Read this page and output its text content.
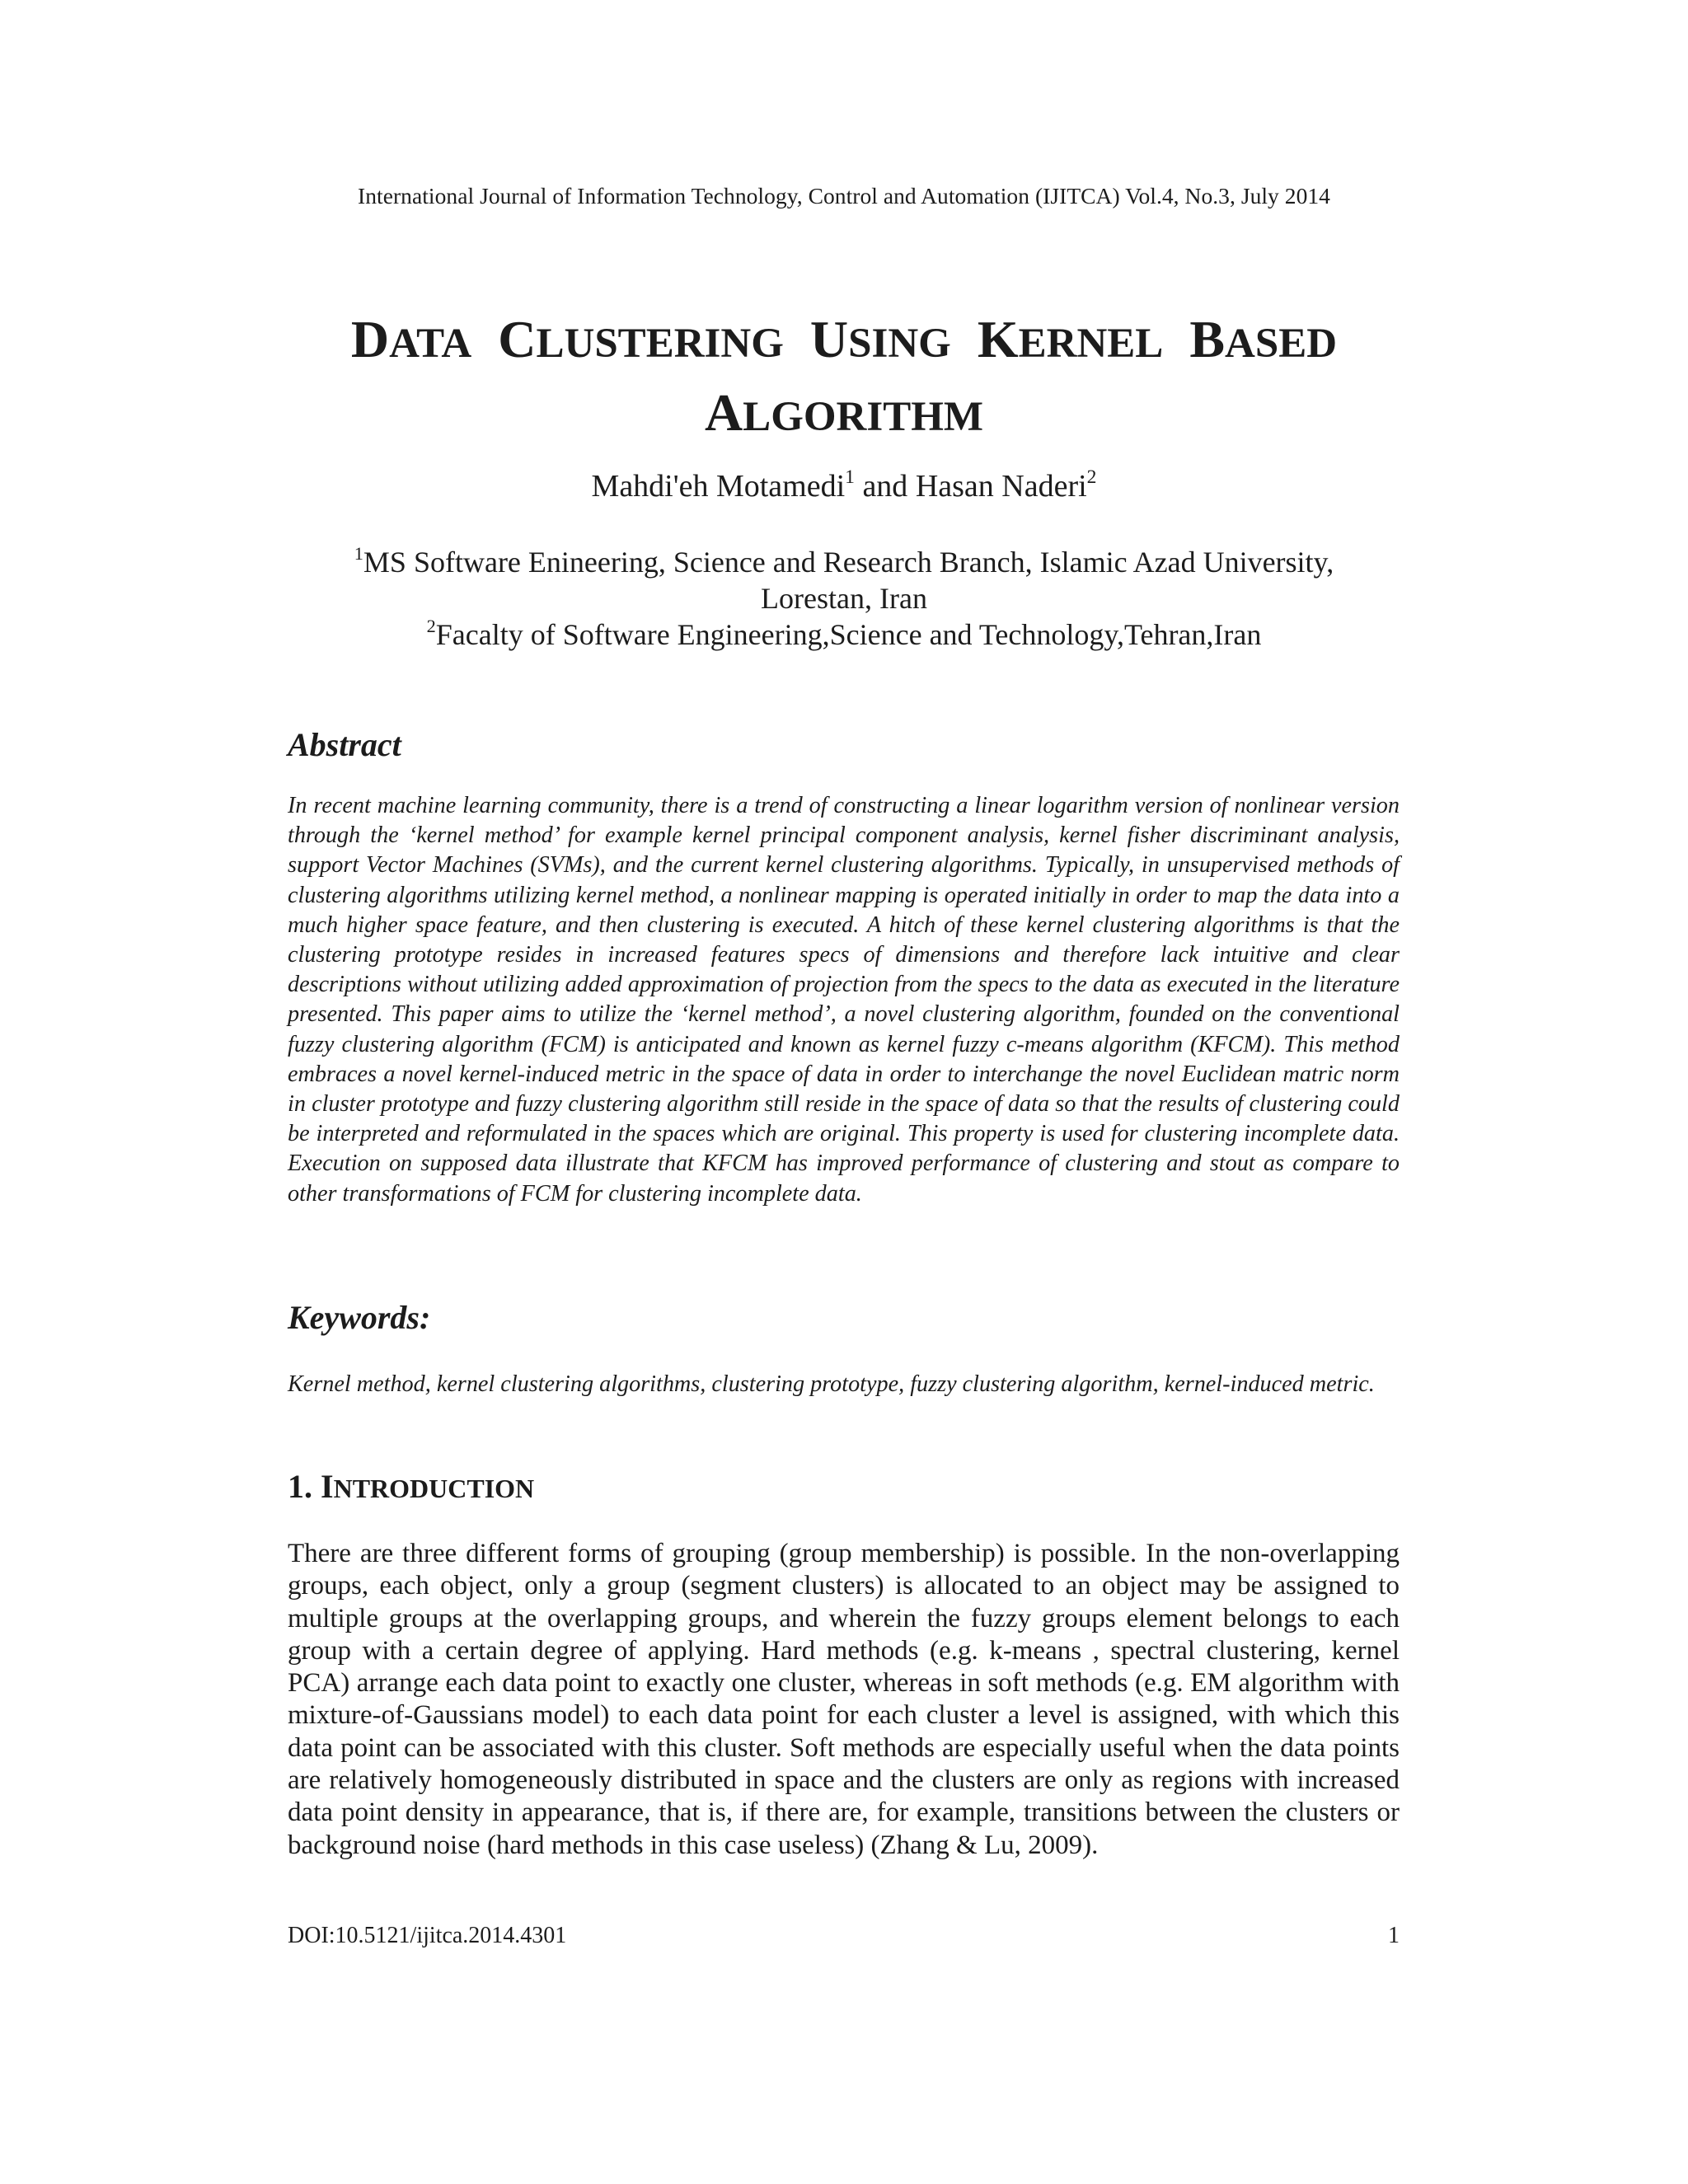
International Journal of Information Technology, Control and Automation (IJITCA) Vol.4, No.3, July 2014
DATA CLUSTERING USING KERNEL BASED
ALGORITHM
Mahdi'eh Motamedi$^1$ and Hasan Naderi$^2$
$^1$MS Software Enineering, Science and Research Branch, Islamic Azad University,
Lorestan, Iran
$^2$Facalty of Software Engineering,Science and Technology,Tehran,Iran
Abstract

In recent machine learning community, there is a trend of constructing a linear logarithm version of nonlinear version through the ‘kernel method’ for example kernel principal component analysis, kernel fisher discriminant analysis, support Vector Machines (SVMs), and the current kernel clustering algorithms. Typically, in unsupervised methods of clustering algorithms utilizing kernel method, a nonlinear mapping is operated initially in order to map the data into a much higher space feature, and then clustering is executed. A hitch of these kernel clustering algorithms is that the clustering prototype resides in increased features specs of dimensions and therefore lack intuitive and clear descriptions without utilizing added approximation of projection from the specs to the data as executed in the literature presented. This paper aims to utilize the ‘kernel method’, a novel clustering algorithm, founded on the conventional fuzzy clustering algorithm (FCM) is anticipated and known as kernel fuzzy c-means algorithm (KFCM). This method embraces a novel kernel-induced metric in the space of data in order to interchange the novel Euclidean matric norm in cluster prototype and fuzzy clustering algorithm still reside in the space of data so that the results of clustering could be interpreted and reformulated in the spaces which are original. This property is used for clustering incomplete data. Execution on supposed data illustrate that KFCM has improved performance of clustering and stout as compare to other transformations of FCM for clustering incomplete data.

Keywords:

Kernel method, kernel clustering algorithms, clustering prototype, fuzzy clustering algorithm, kernel-induced metric.

1. INTRODUCTION

There are three different forms of grouping (group membership) is possible. In the non-overlapping groups, each object, only a group (segment clusters) is allocated to an object may be assigned to multiple groups at the overlapping groups, and wherein the fuzzy groups element belongs to each group with a certain degree of applying. Hard methods (e.g. k-means , spectral clustering, kernel PCA) arrange each data point to exactly one cluster, whereas in soft methods (e.g. EM algorithm with mixture-of-Gaussians model) to each data point for each cluster a level is assigned, with which this data point can be associated with this cluster. Soft methods are especially useful when the data points are relatively homogeneously distributed in space and the clusters are only as regions with increased data point density in appearance, that is, if there are, for example, transitions between the clusters or background noise (hard methods in this case useless) (Zhang & Lu, 2009).

DOI:10.5121/ijitca.2014.4301	1
